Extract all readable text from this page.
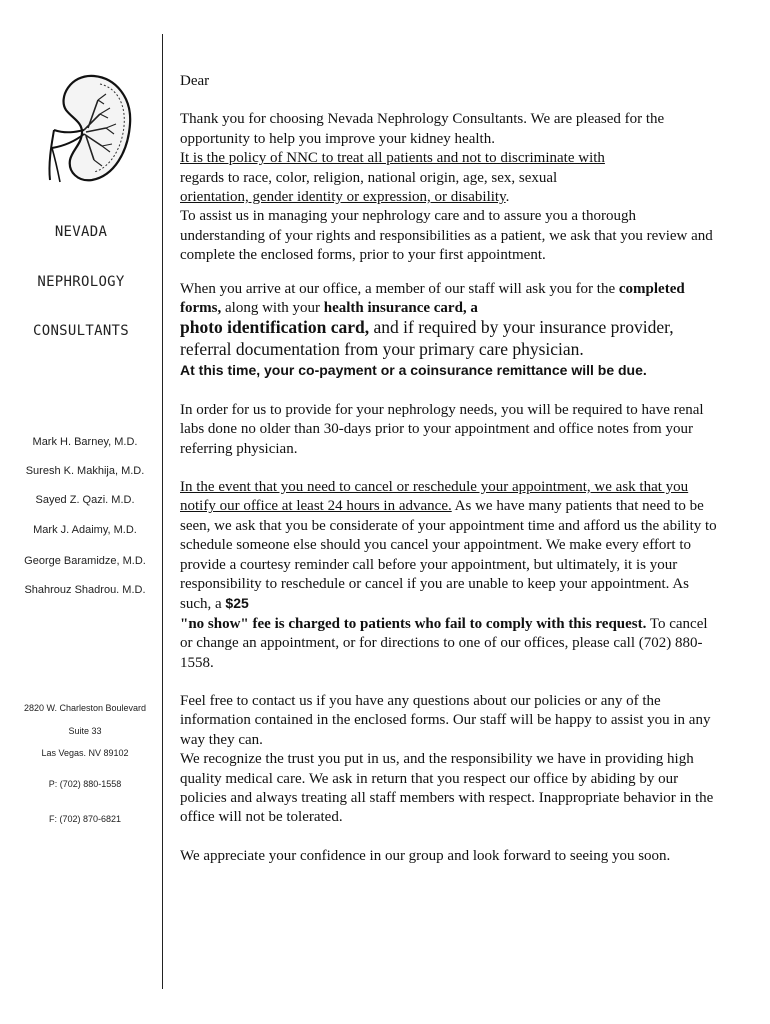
NEVADA
NEPHROLOGY
CONSULTANTS
Mark H. Barney, M.D.
Suresh K. Makhija, M.D.
Sayed Z. Qazi. M.D.
Mark J. Adaimy, M.D.
George Baramidze, M.D.
Shahrouz Shadrou. M.D.
2820 W. Charleston Boulevard
Suite 33
Las Vegas. NV 89102
P: (702) 880-1558
F: (702) 870-6821

Dear

Thank you for choosing Nevada Nephrology Consultants. We are pleased for the opportunity to help you improve your kidney health.
It is the policy of NNC to treat all patients and not to discriminate with
regards to race, color, religion, national origin, age, sex, sexual
orientation, gender identity or expression, or disability.
To assist us in managing your nephrology care and to assure you a thorough understanding of your rights and responsibilities as a patient, we ask that you review and complete the enclosed forms, prior to your first appointment.

When you arrive at our office, a member of our staff will ask you for the completed forms, along with your health insurance card, a
photo identification card, and if required by your insurance provider, referral documentation from your primary care physician.
At this time, your co-payment or a coinsurance remittance will be due.

In order for us to provide for your nephrology needs, you will be required to have renal labs done no older than 30-days prior to your appointment and office notes from your referring physician.

In the event that you need to cancel or reschedule your appointment, we ask that you notify our office at least 24 hours in advance. As we have many patients that need to be seen, we ask that you be considerate of your appointment time and afford us the ability to schedule someone else should you cancel your appointment. We make every effort to provide a courtesy reminder call before your appointment, but ultimately, it is your responsibility to reschedule or cancel if you are unable to keep your appointment. As such, a $25
"no show" fee is charged to patients who fail to comply with this request. To cancel or change an appointment, or for directions to one of our offices, please call (702) 880-1558.

Feel free to contact us if you have any questions about our policies or any of the information contained in the enclosed forms. Our staff will be happy to assist you in any way they can.
We recognize the trust you put in us, and the responsibility we have in providing high quality medical care. We ask in return that you respect our office by abiding by our policies and always treating all staff members with respect. Inappropriate behavior in the office will not be tolerated.

We appreciate your confidence in our group and look forward to seeing you soon.
